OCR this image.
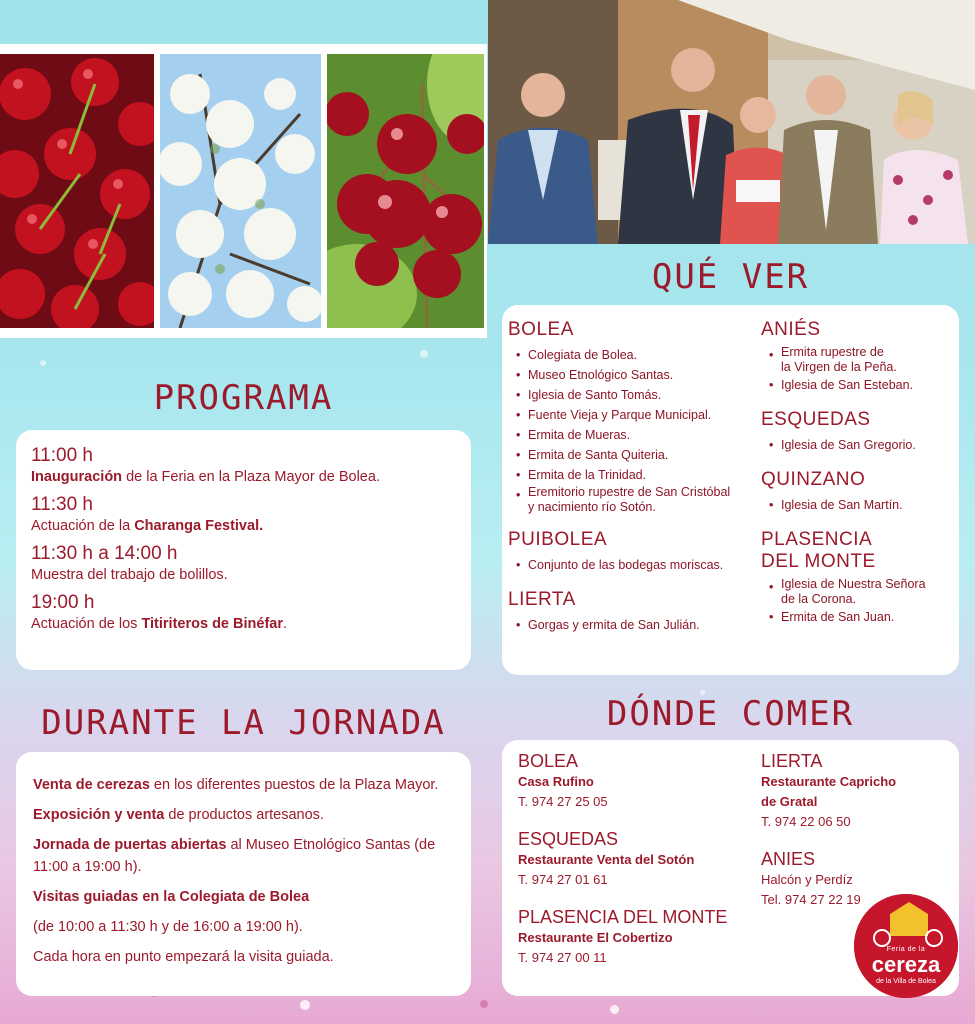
PROGRAMA
11:00 h
Inauguración de la Feria en la Plaza Mayor de Bolea.
11:30 h
Actuación de la Charanga Festival.
11:30 h a 14:00 h
Muestra del trabajo de bolillos.
19:00 h
Actuación de los Titiriteros de Binéfar.
DURANTE LA JORNADA

Venta de cerezas en los diferentes puestos de la Plaza Mayor.

Exposición y venta de productos artesanos.

Jornada de puertas abiertas al Museo Etnológico Santas (de 11:00 a 19:00 h).

Visitas guiadas en la Colegiata de Bolea

(de 10:00 a 11:30 h y de 16:00 a 19:00 h).

Cada hora en punto empezará la visita guiada.

QUÉ VER
BOLEA
• Colegiata de Bolea.
• Museo Etnológico Santas.
• Iglesia de Santo Tomás.
• Fuente Vieja y Parque Municipal.
• Ermita de Mueras.
• Ermita de Santa Quiteria.
• Ermita de la Trinidad.
• Eremitorio rupestre de San Cristóbal
y nacimiento río Sotón.
PUIBOLEA
• Conjunto de las bodegas moriscas.
LIERTA
• Gorgas y ermita de San Julián.
ANIÉS
• Ermita rupestre de
la Virgen de la Peña.
• Iglesia de San Esteban.
ESQUEDAS
• Iglesia de San Gregorio.
QUINZANO
• Iglesia de San Martín.
PLASENCIA
DEL MONTE
• Iglesia de Nuestra Señora
de la Corona.
• Ermita de San Juan.
DÓNDE COMER
BOLEA
Casa Rufino
T. 974 27 25 05
ESQUEDAS
Restaurante Venta del Sotón
T. 974 27 01 61
PLASENCIA DEL MONTE
Restaurante El Cobertizo
T. 974 27 00 11
LIERTA
Restaurante Capricho
de Gratal
T. 974 22 06 50
ANIES
Halcón y Perdíz
Tel. 974 27 22 19
Feria de la
cereza
de la Villa de Bolea
